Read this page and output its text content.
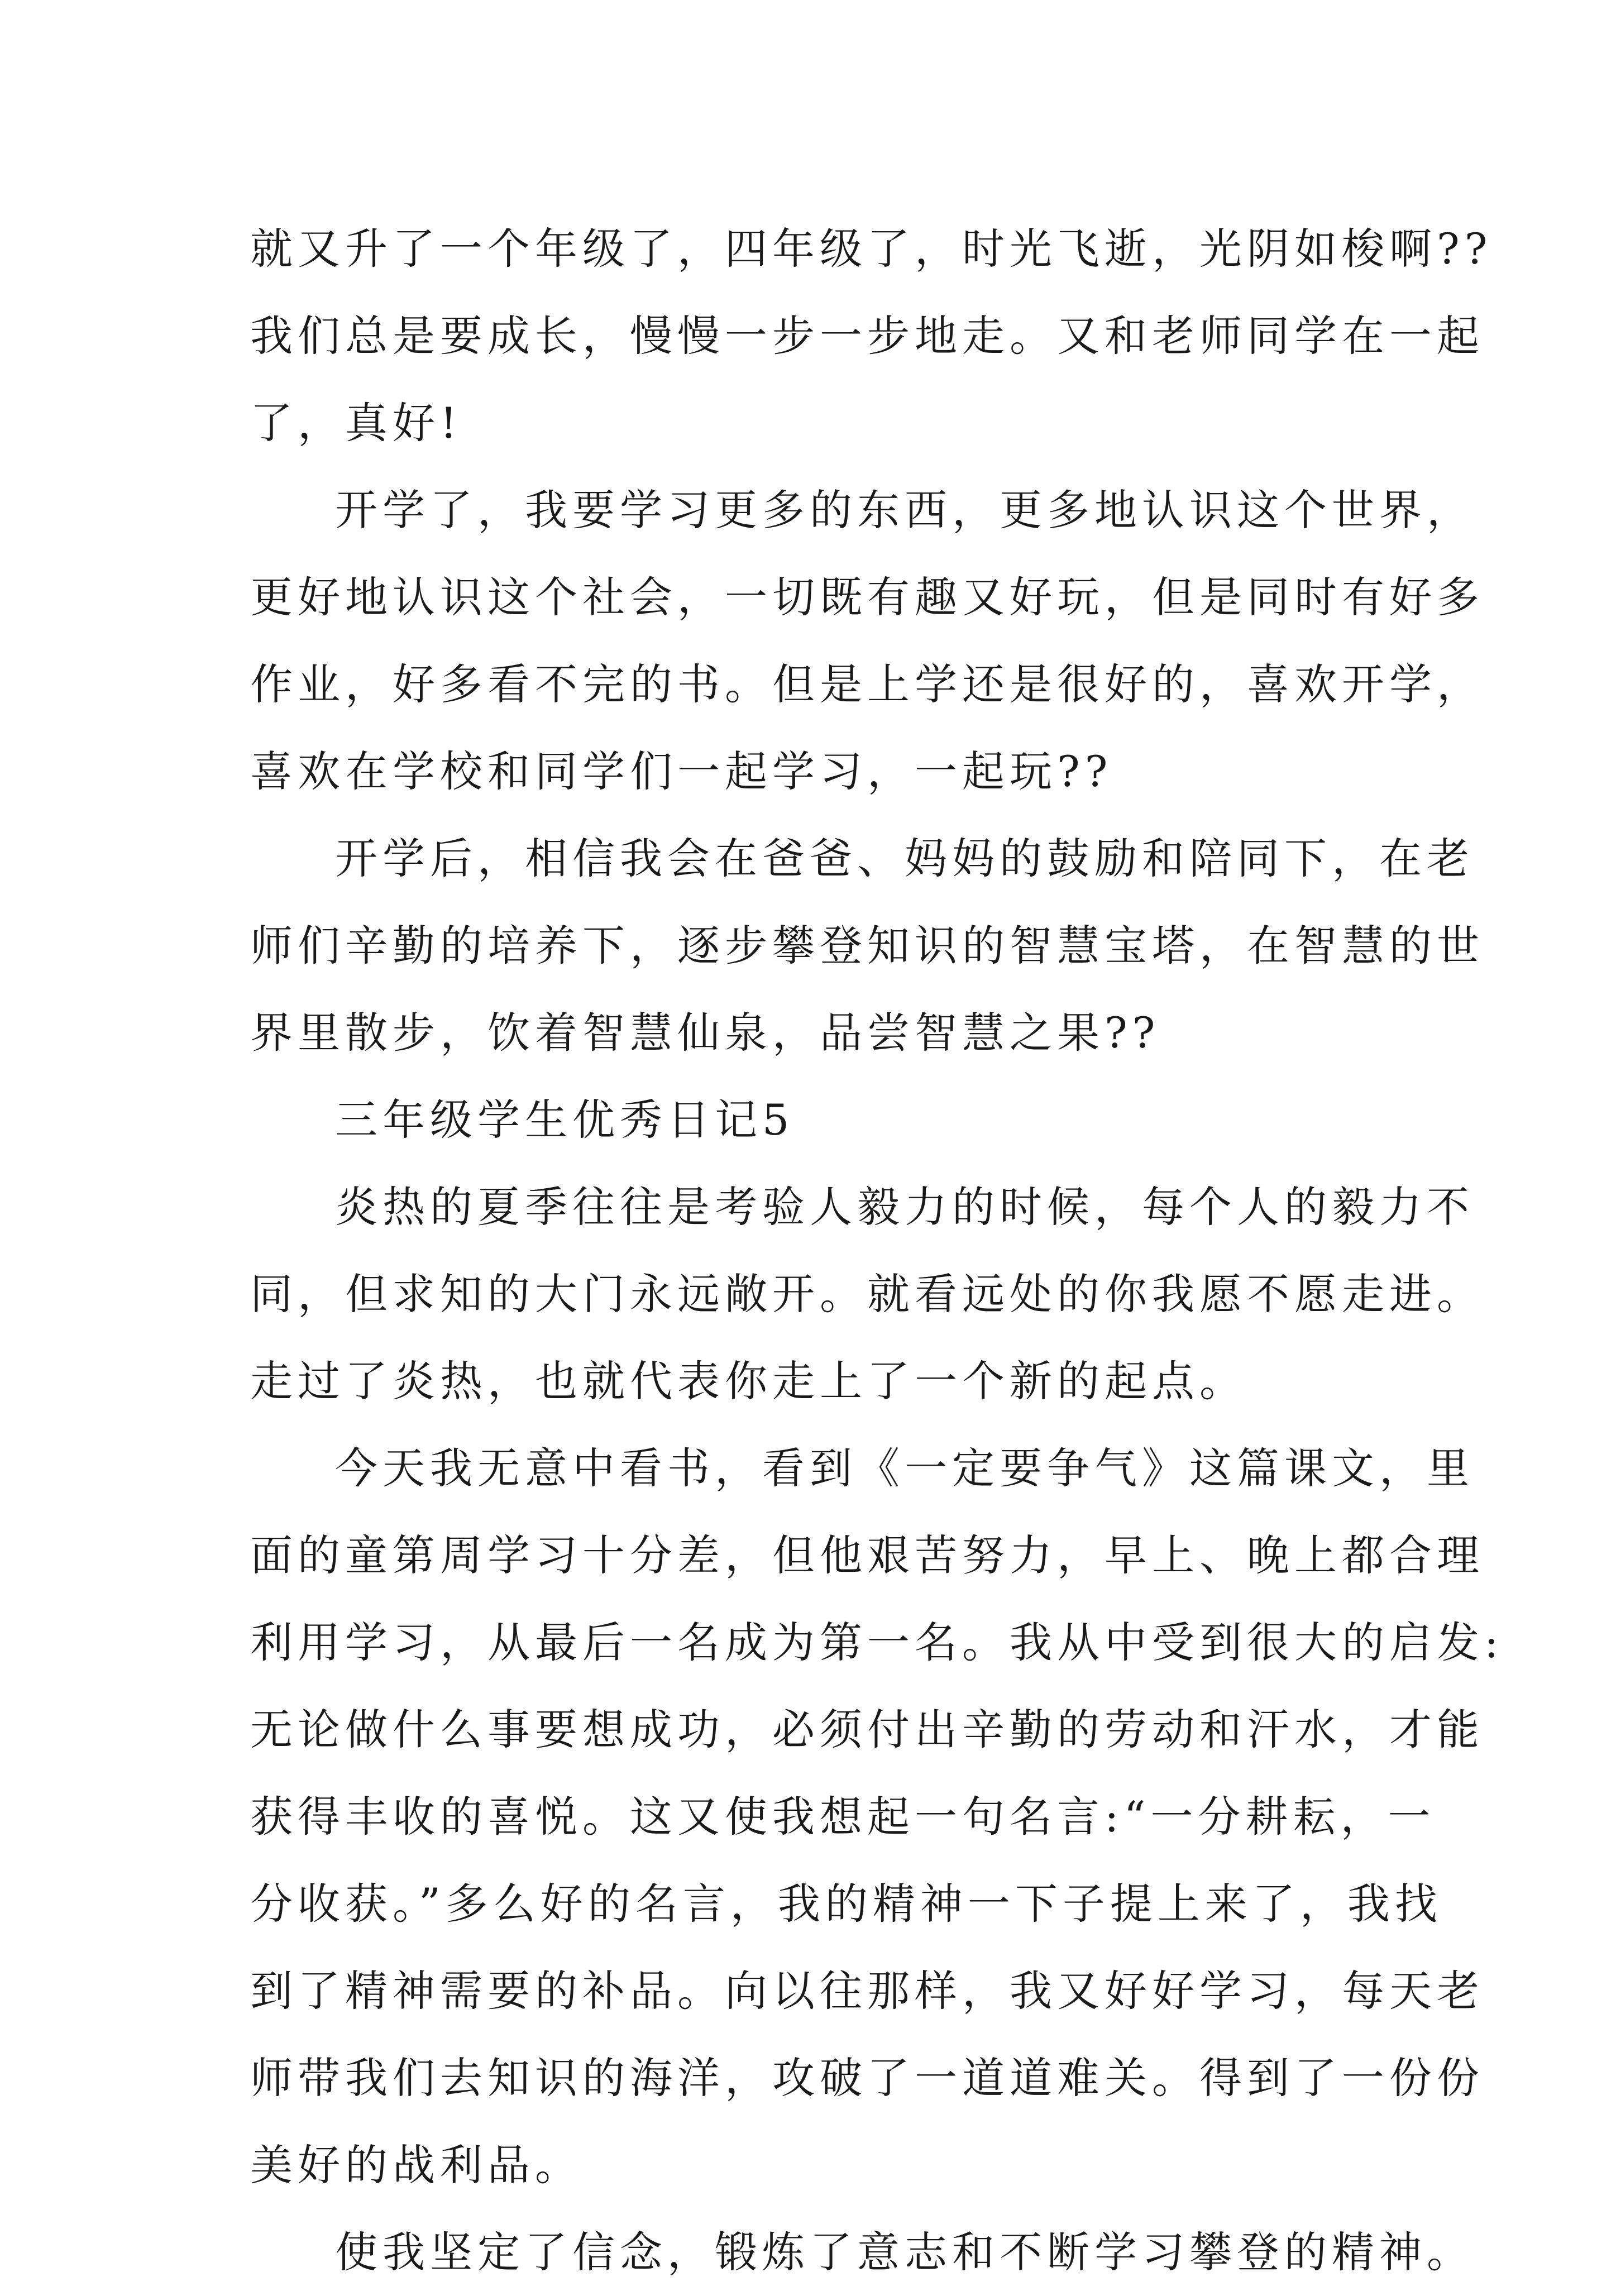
就又升了一个年级了，四年级了，时光飞逝，光阴如梭啊??
我们总是要成长，慢慢一步一步地走。又和老师同学在一起
了，真好!
开学了，我要学习更多的东西，更多地认识这个世界，
更好地认识这个社会，一切既有趣又好玩，但是同时有好多
作业，好多看不完的书。但是上学还是很好的，喜欢开学，
喜欢在学校和同学们一起学习，一起玩??
开学后，相信我会在爸爸、妈妈的鼓励和陪同下，在老
师们辛勤的培养下，逐步攀登知识的智慧宝塔，在智慧的世
界里散步，饮着智慧仙泉，品尝智慧之果??
三年级学生优秀日记5
炎热的夏季往往是考验人毅力的时候，每个人的毅力不
同，但求知的大门永远敞开。就看远处的你我愿不愿走进。
走过了炎热，也就代表你走上了一个新的起点。
今天我无意中看书，看到《一定要争气》这篇课文，里
面的童第周学习十分差，但他艰苦努力，早上、晚上都合理
利用学习，从最后一名成为第一名。我从中受到很大的启发:
无论做什么事要想成功，必须付出辛勤的劳动和汗水，才能
获得丰收的喜悦。这又使我想起一句名言:“一分耕耘，一
分收获。”多么好的名言，我的精神一下子提上来了，我找
到了精神需要的补品。向以往那样，我又好好学习，每天老
师带我们去知识的海洋，攻破了一道道难关。得到了一份份
美好的战利品。
使我坚定了信念，锻炼了意志和不断学习攀登的精神。
